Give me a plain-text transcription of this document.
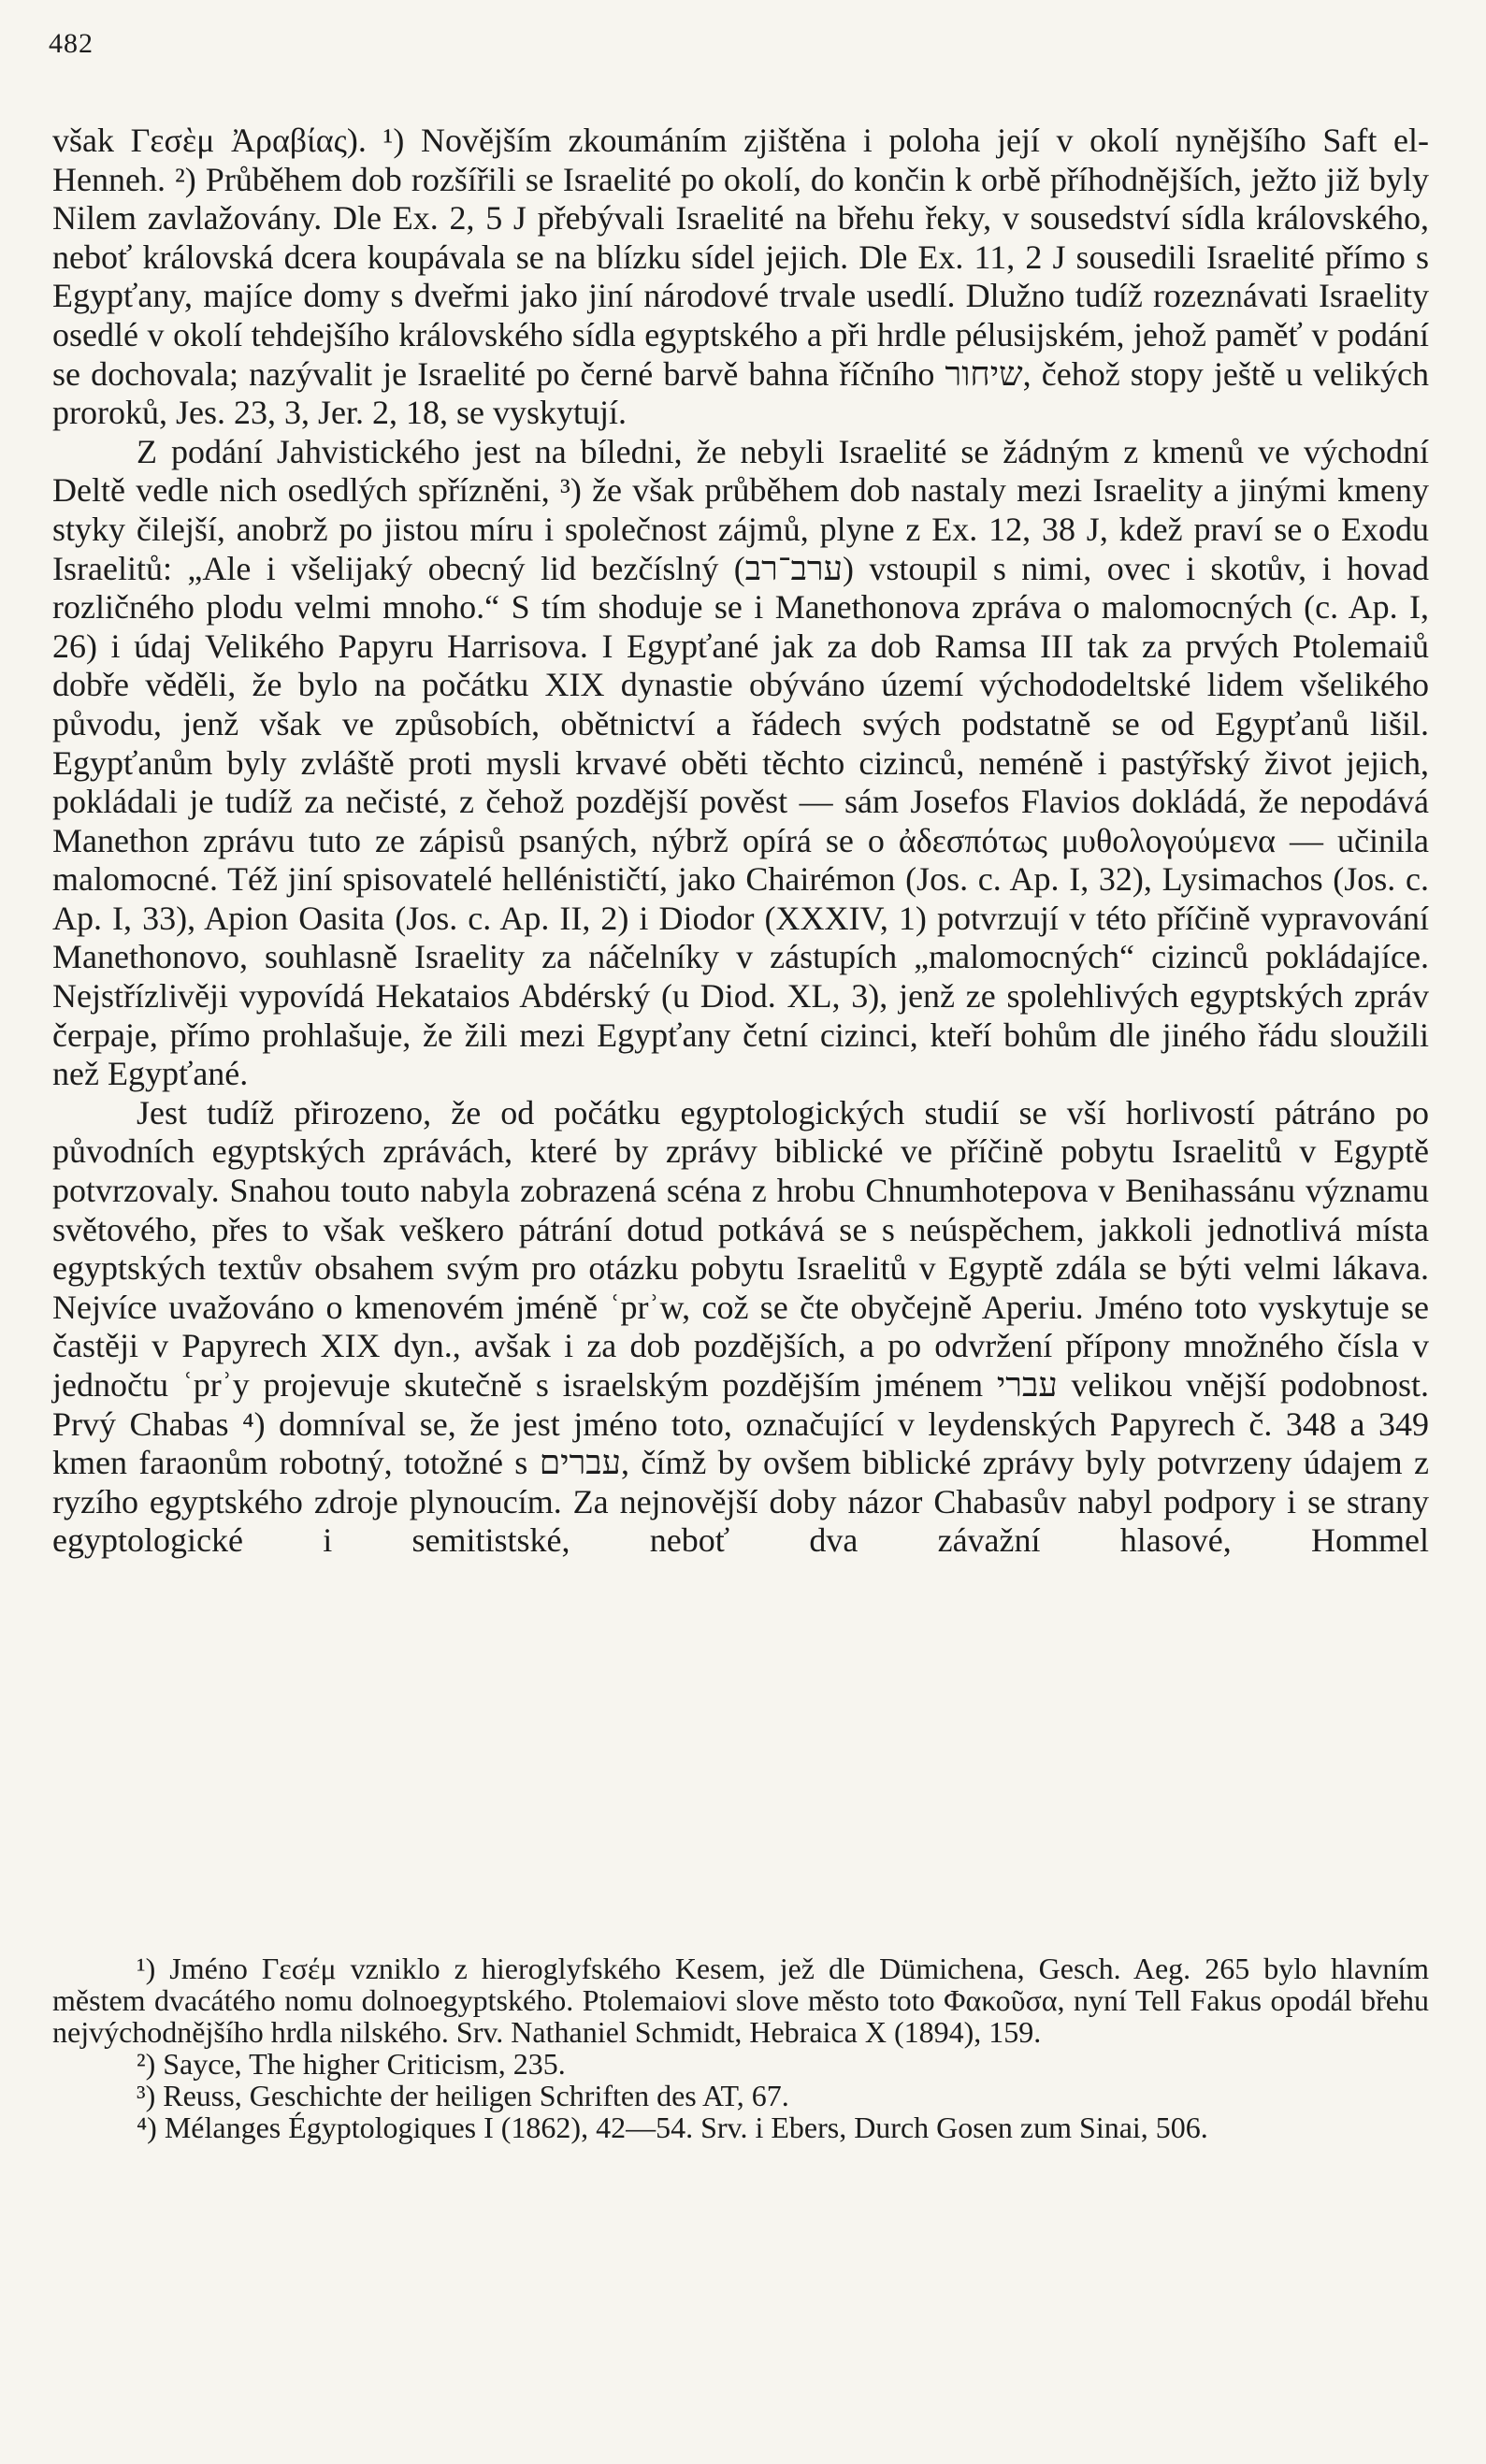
482

však Γεσὲμ Ἀραβίας). ¹) Novějším zkoumáním zjištěna i poloha její v okolí nynějšího Saft el-Henneh. ²) Průběhem dob rozšířili se Israelité po okolí, do končin k orbě příhodnějších, ježto již byly Nilem zavlažovány. Dle Ex. 2, 5 J přebývali Israelité na břehu řeky, v sousedství sídla královského, neboť královská dcera koupávala se na blízku sídel jejich. Dle Ex. 11, 2 J sousedili Israelité přímo s Egypťany, majíce domy s dveřmi jako jiní národové trvale usedlí. Dlužno tudíž rozeznávati Israelity osedlé v okolí tehdejšího královského sídla egyptského a při hrdle pélusijském, jehož paměť v podání se dochovala; nazývalit je Israelité po černé barvě bahna říčního שיחור, čehož stopy ještě u velikých proroků, Jes. 23, 3, Jer. 2, 18, se vyskytují.

Z podání Jahvistického jest na bíledni, že nebyli Israelité se žádným z kmenů ve východní Deltě vedle nich osedlých spřízněni, ³) že však průběhem dob nastaly mezi Israelity a jinými kmeny styky čilejší, anobrž po jistou míru i společnost zájmů, plyne z Ex. 12, 38 J, kdež praví se o Exodu Israelitů: „Ale i všelijaký obecný lid bezčíslný (ערב־רב) vstoupil s nimi, ovec i skotův, i hovad rozličného plodu velmi mnoho.“ S tím shoduje se i Manethonova zpráva o malomocných (c. Ap. I, 26) i údaj Velikého Papyru Harrisova. I Egypťané jak za dob Ramsa III tak za prvých Ptolemaiů dobře věděli, že bylo na počátku XIX dynastie obýváno území východodeltské lidem všelikého původu, jenž však ve způsobích, obětnictví a řádech svých podstatně se od Egypťanů lišil. Egypťanům byly zvláště proti mysli krvavé oběti těchto cizinců, neméně i pastýřský život jejich, pokládali je tudíž za nečisté, z čehož pozdější pověst — sám Josefos Flavios dokládá, že nepodává Manethon zprávu tuto ze zápisů psaných, nýbrž opírá se o ἀδεσπότως μυθολογούμενα — učinila malomocné. Též jiní spisovatelé hellénističtí, jako Chairémon (Jos. c. Ap. I, 32), Lysimachos (Jos. c. Ap. I, 33), Apion Oasita (Jos. c. Ap. II, 2) i Diodor (XXXIV, 1) potvrzují v této příčině vypravování Manethonovo, souhlasně Israelity za náčelníky v zástupích „malomocných“ cizinců pokládajíce. Nejstřízlivěji vypovídá Hekataios Abdérský (u Diod. XL, 3), jenž ze spolehlivých egyptských zpráv čerpaje, přímo prohlašuje, že žili mezi Egypťany četní cizinci, kteří bohům dle jiného řádu sloužili než Egypťané.

Jest tudíž přirozeno, že od počátku egyptologických studií se vší horlivostí pátráno po původních egyptských zprávách, které by zprávy biblické ve příčině pobytu Israelitů v Egyptě potvrzovaly. Snahou touto nabyla zobrazená scéna z hrobu Chnumhotepova v Benihassánu významu světového, přes to však veškero pátrání dotud potkává se s neúspěchem, jakkoli jednotlivá místa egyptských textův obsahem svým pro otázku pobytu Israelitů v Egyptě zdála se býti velmi lákava. Nejvíce uvažováno o kmenovém jméně ʿprʾw, což se čte obyčejně Aperiu. Jméno toto vyskytuje se častěji v Papyrech XIX dyn., avšak i za dob pozdějších, a po odvržení přípony množného čísla v jednočtu ʿprʾy projevuje skutečně s israelským pozdějším jménem עברי velikou vnější podobnost. Prvý Chabas ⁴) domníval se, že jest jméno toto, označující v leydenských Papyrech č. 348 a 349 kmen faraonům robotný, totožné s עברים, čímž by ovšem biblické zprávy byly potvrzeny údajem z ryzího egyptského zdroje plynoucím. Za nejnovější doby názor Chabasův nabyl podpory i se strany egyptologické i semitistské, neboť dva závažní hlasové, Hommel

¹) Jméno Γεσέμ vzniklo z hieroglyfského Kesem, jež dle Dümichena, Gesch. Aeg. 265 bylo hlavním městem dvacátého nomu dolnoegyptského. Ptolemaiovi slove město toto Φακοῦσα, nyní Tell Fakus opodál břehu nejvýchodnějšího hrdla nilského. Srv. Nathaniel Schmidt, Hebraica X (1894), 159.

²) Sayce, The higher Criticism, 235.

³) Reuss, Geschichte der heiligen Schriften des AT, 67.

⁴) Mélanges Égyptologiques I (1862), 42—54. Srv. i Ebers, Durch Gosen zum Sinai, 506.
